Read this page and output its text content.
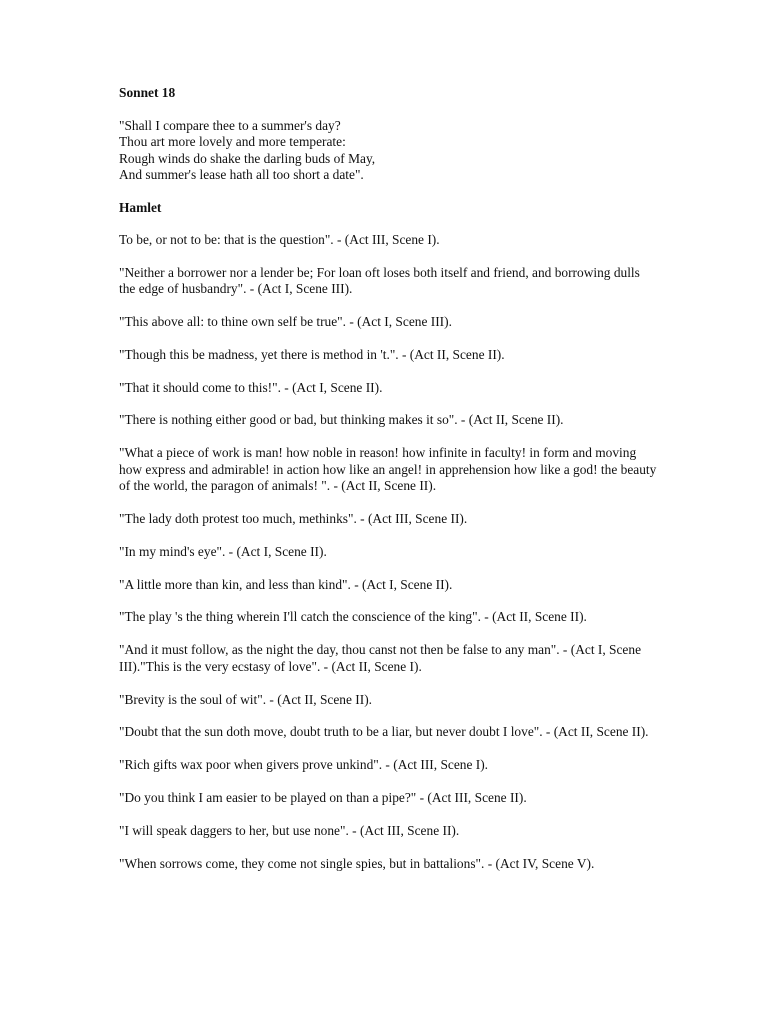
Sonnet 18
"Shall I compare thee to a summer's day?
Thou art more lovely and more temperate:
Rough winds do shake the darling buds of May,
And summer's lease hath all too short a date".
Hamlet

To be, or not to be: that is the question". - (Act III, Scene I).

"Neither a borrower nor a lender be; For loan oft loses both itself and friend, and borrowing dulls the edge of husbandry". - (Act I, Scene III).

"This above all: to thine own self be true". - (Act I, Scene III).

"Though this be madness, yet there is method in 't.". - (Act II, Scene II).

"That it should come to this!". - (Act I, Scene II).

"There is nothing either good or bad, but thinking makes it so". - (Act II, Scene II).

"What a piece of work is man! how noble in reason! how infinite in faculty! in form and moving how express and admirable! in action how like an angel! in apprehension how like a god! the beauty of the world, the paragon of animals! ". - (Act II, Scene II).

"The lady doth protest too much, methinks". - (Act III, Scene II).

"In my mind's eye". - (Act I, Scene II).

"A little more than kin, and less than kind". - (Act I, Scene II).

"The play 's the thing wherein I'll catch the conscience of the king". - (Act II, Scene II).

"And it must follow, as the night the day, thou canst not then be false to any man". - (Act I, Scene III)."This is the very ecstasy of love". - (Act II, Scene I).

"Brevity is the soul of wit". - (Act II, Scene II).

"Doubt that the sun doth move, doubt truth to be a liar, but never doubt I love". - (Act II, Scene II).

"Rich gifts wax poor when givers prove unkind". - (Act III, Scene I).

"Do you think I am easier to be played on than a pipe?" - (Act III, Scene II).

"I will speak daggers to her, but use none". - (Act III, Scene II).

"When sorrows come, they come not single spies, but in battalions". - (Act IV, Scene V).
